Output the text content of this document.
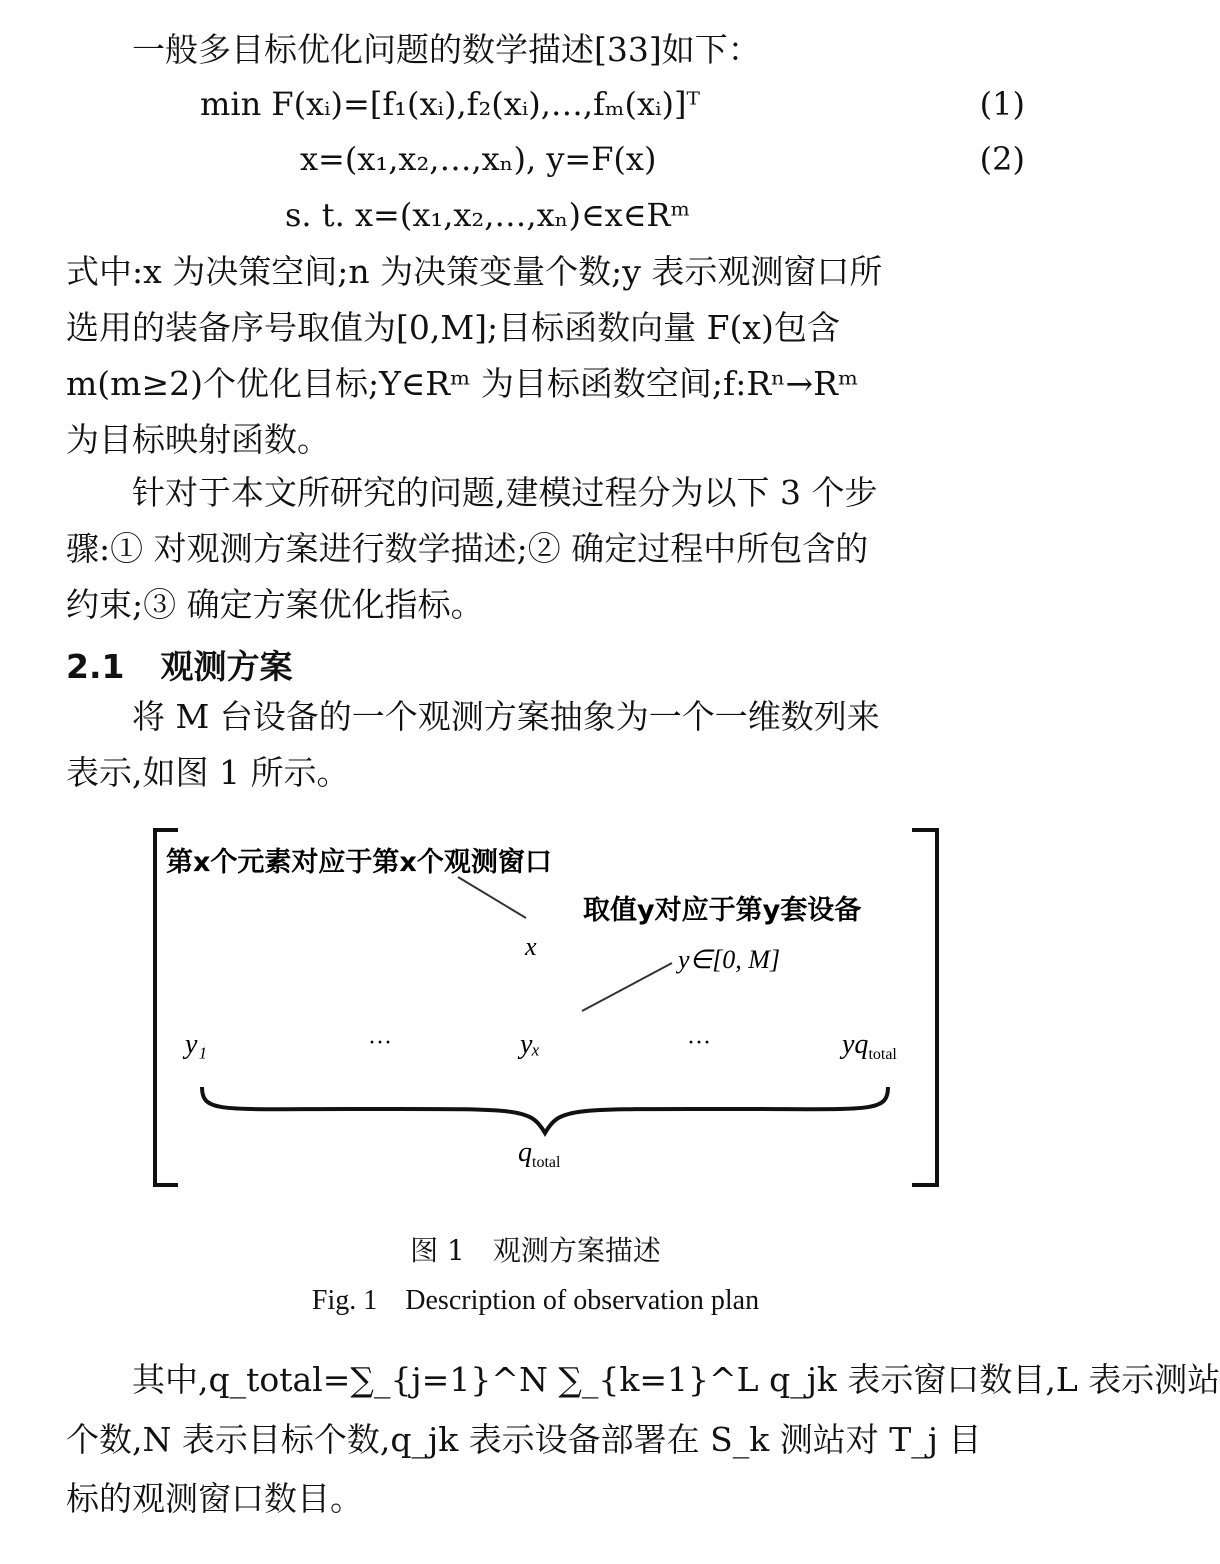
一般多目标优化问题的数学描述[33]如下：
min F(xᵢ)=[f₁(xᵢ),f₂(xᵢ),…,fₘ(xᵢ)]ᵀ	(1)
x=(x₁,x₂,…,xₙ), y=F(x)	(2)
s. t. x=(x₁,x₂,…,xₙ)∈x∈Rᵐ
式中:x 为决策空间;n 为决策变量个数;y 表示观测窗口所
选用的装备序号取值为[0,M];目标函数向量 F(x)包含
m(m≥2)个优化目标;Y∈Rᵐ 为目标函数空间;f:Rⁿ→Rᵐ
为目标映射函数。
针对于本文所研究的问题,建模过程分为以下 3 个步
骤:① 对观测方案进行数学描述;② 确定过程中所包含的
约束;③ 确定方案优化指标。
2.1 观测方案
将 M 台设备的一个观测方案抽象为一个一维数列来
表示,如图 1 所示。
第x个元素对应于第x个观测窗口
取值y对应于第y套设备
x	y∈[0, M]
y₁	···	yₓ	···	$yq_{total}$
$q_{total}$
图 1　观测方案描述
Fig. 1　Description of observation plan
其中,q_total=∑_{j=1}^N ∑_{k=1}^L q_jk 表示窗口数目,L 表示测站
个数,N 表示目标个数,q_jk 表示设备部署在 S_k 测站对 T_j 目
标的观测窗口数目。
